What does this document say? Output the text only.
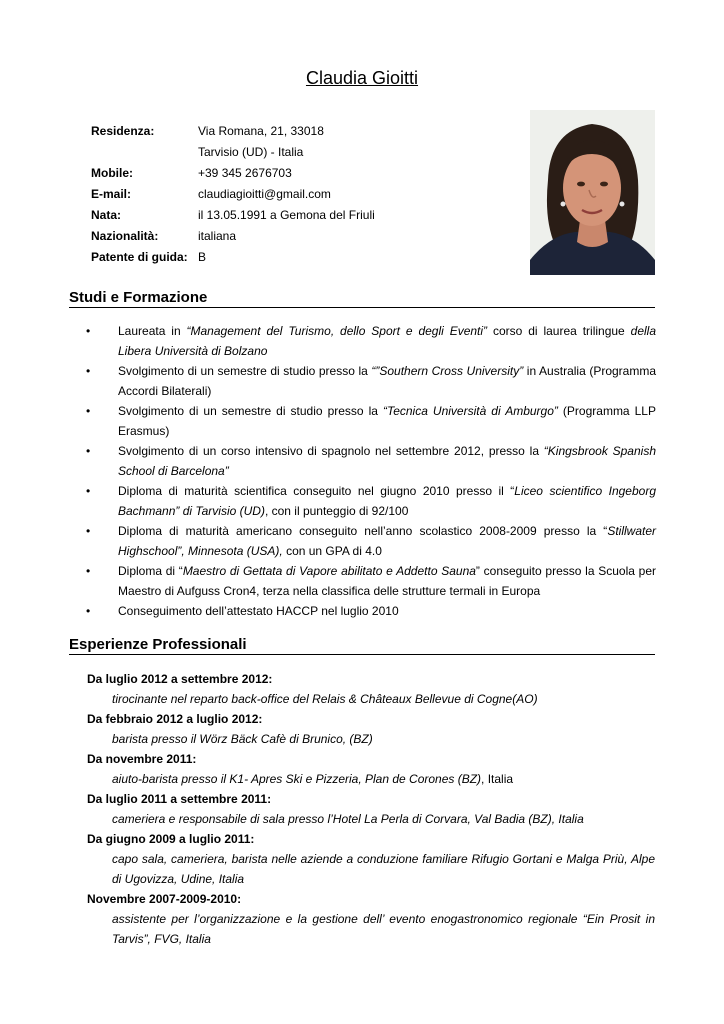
Claudia Gioitti
Residenza:	Via Romana, 21, 33018
Tarvisio (UD) - Italia
Mobile:	+39 345 2676703
E-mail:	claudiagioitti@gmail.com
Nata:	il 13.05.1991 a Gemona del Friuli
Nazionalità:	italiana
Patente di guida: B
Studi e Formazione

• Laureata in “Management del Turismo, dello Sport e degli Eventi” corso di laurea trilingue della Libera Università di Bolzano

• Svolgimento di un semestre di studio presso la “”Southern Cross University” in Australia (Programma Accordi Bilaterali)

• Svolgimento di un semestre di studio presso la “Tecnica Università di Amburgo” (Programma LLP Erasmus)

• Svolgimento di un corso intensivo di spagnolo nel settembre 2012, presso la “Kingsbrook Spanish School di Barcelona”

• Diploma di maturità scientifica conseguito nel giugno 2010 presso il “Liceo scientifico Ingeborg Bachmann” di Tarvisio (UD), con il punteggio di 92/100

• Diploma di maturità americano conseguito nell’anno scolastico 2008-2009 presso la “Stillwater Highschool”, Minnesota (USA), con un GPA di 4.0

• Diploma di “Maestro di Gettata di Vapore abilitato e Addetto Sauna” conseguito presso la Scuola per Maestro di Aufguss Cron4, terza nella classifica delle strutture termali in Europa

• Conseguimento dell’attestato HACCP nel luglio 2010

Esperienze Professionali
Da luglio 2012 a settembre 2012:
tirocinante nel reparto back-office del Relais & Châteaux Bellevue di Cogne(AO)
Da febbraio 2012 a luglio 2012:
barista presso il Wörz Bäck Cafè di Brunico, (BZ)
Da novembre 2011:
aiuto-barista presso il K1- Apres Ski e Pizzeria, Plan de Corones (BZ), Italia
Da luglio 2011 a settembre 2011:
cameriera e responsabile di sala presso l’Hotel La Perla di Corvara, Val Badia (BZ), Italia
Da giugno 2009 a luglio 2011:
capo sala, cameriera, barista nelle aziende a conduzione familiare Rifugio Gortani e Malga Priù, Alpe di Ugovizza, Udine, Italia
Novembre 2007-2009-2010:
assistente per l’organizzazione e la gestione dell’ evento enogastronomico regionale “Ein Prosit in Tarvis”, FVG, Italia
